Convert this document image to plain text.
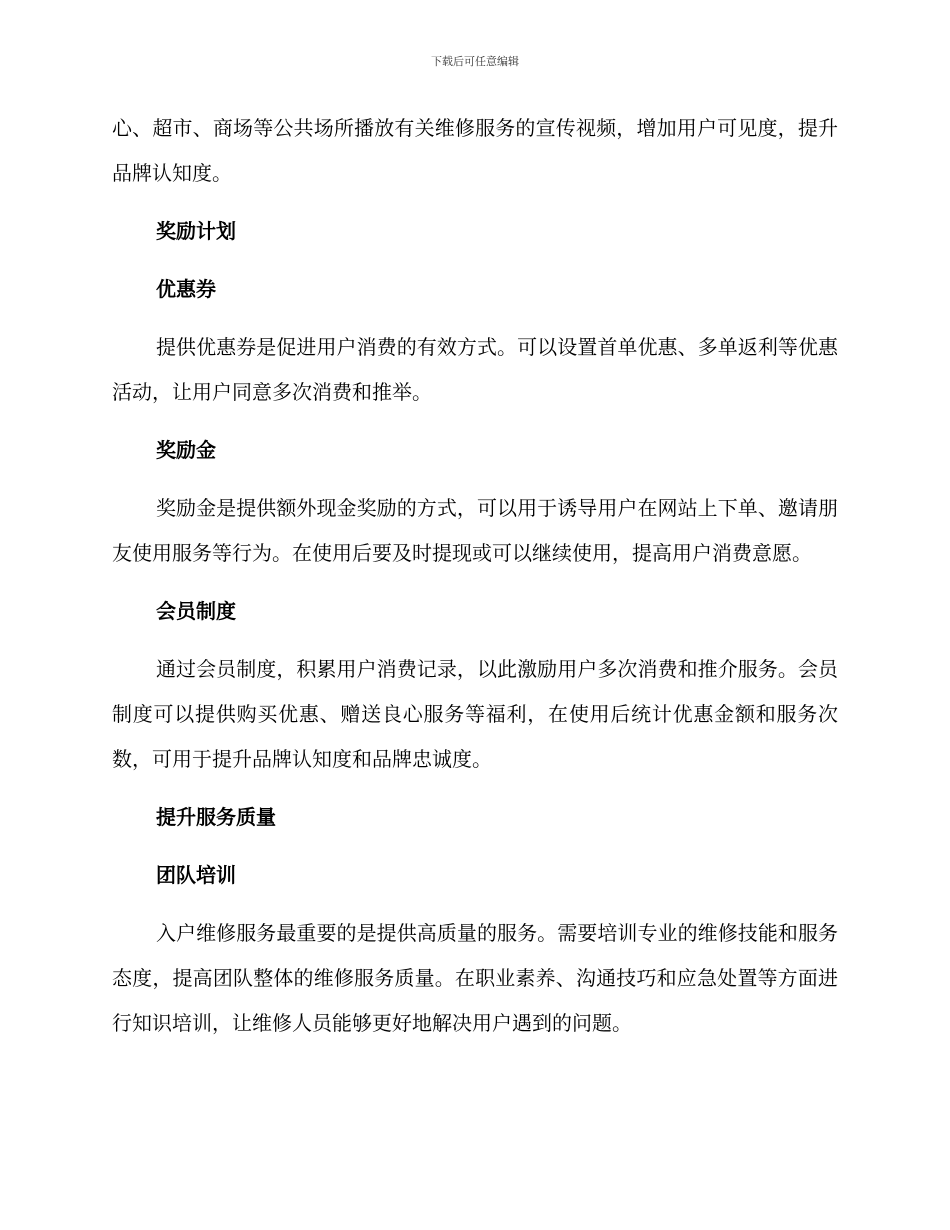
下载后可任意编辑

心、超市、商场等公共场所播放有关维修服务的宣传视频，增加用户可见度，提升品牌认知度。

奖励计划
优惠券

提供优惠券是促进用户消费的有效方式。可以设置首单优惠、多单返利等优惠活动，让用户同意多次消费和推举。

奖励金

奖励金是提供额外现金奖励的方式，可以用于诱导用户在网站上下单、邀请朋友使用服务等行为。在使用后要及时提现或可以继续使用，提高用户消费意愿。

会员制度

通过会员制度，积累用户消费记录，以此激励用户多次消费和推介服务。会员制度可以提供购买优惠、赠送良心服务等福利，在使用后统计优惠金额和服务次数，可用于提升品牌认知度和品牌忠诚度。

提升服务质量
团队培训

入户维修服务最重要的是提供高质量的服务。需要培训专业的维修技能和服务态度，提高团队整体的维修服务质量。在职业素养、沟通技巧和应急处置等方面进行知识培训，让维修人员能够更好地解决用户遇到的问题。
